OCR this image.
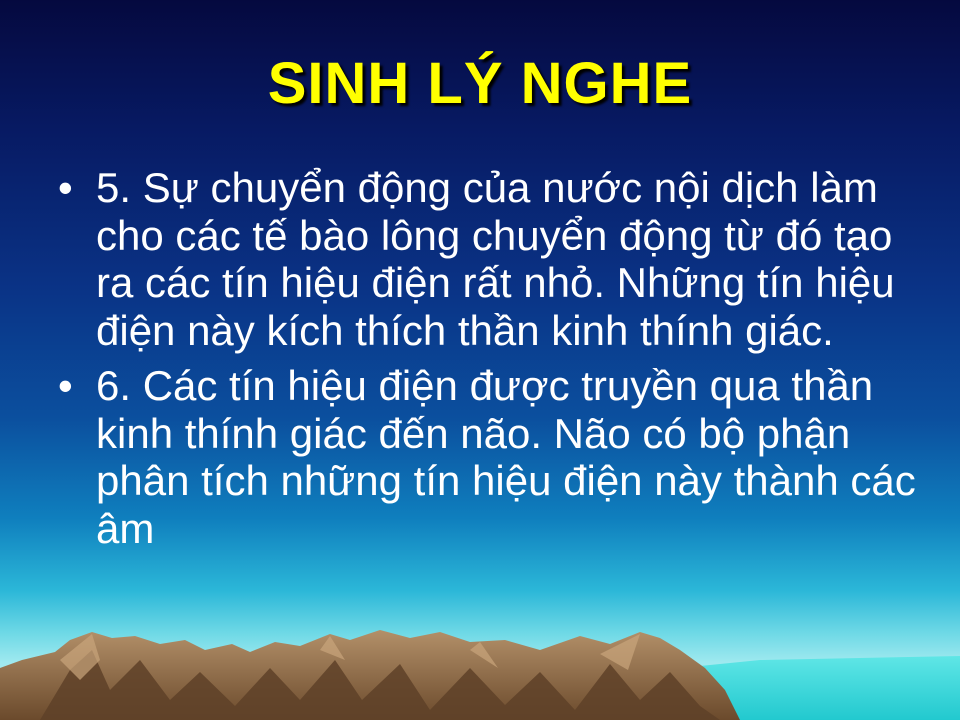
SINH LÝ NGHE
• 5. Sự chuyển động của nước nội dịch làm cho các tế bào lông chuyển động từ đó tạo ra các tín hiệu điện rất nhỏ. Những tín hiệu điện này kích thích thần kinh thính giác.
• 6. Các tín hiệu điện được truyền qua thần kinh thính giác đến não. Não có bộ phận phân tích những tín hiệu điện này thành các âm
